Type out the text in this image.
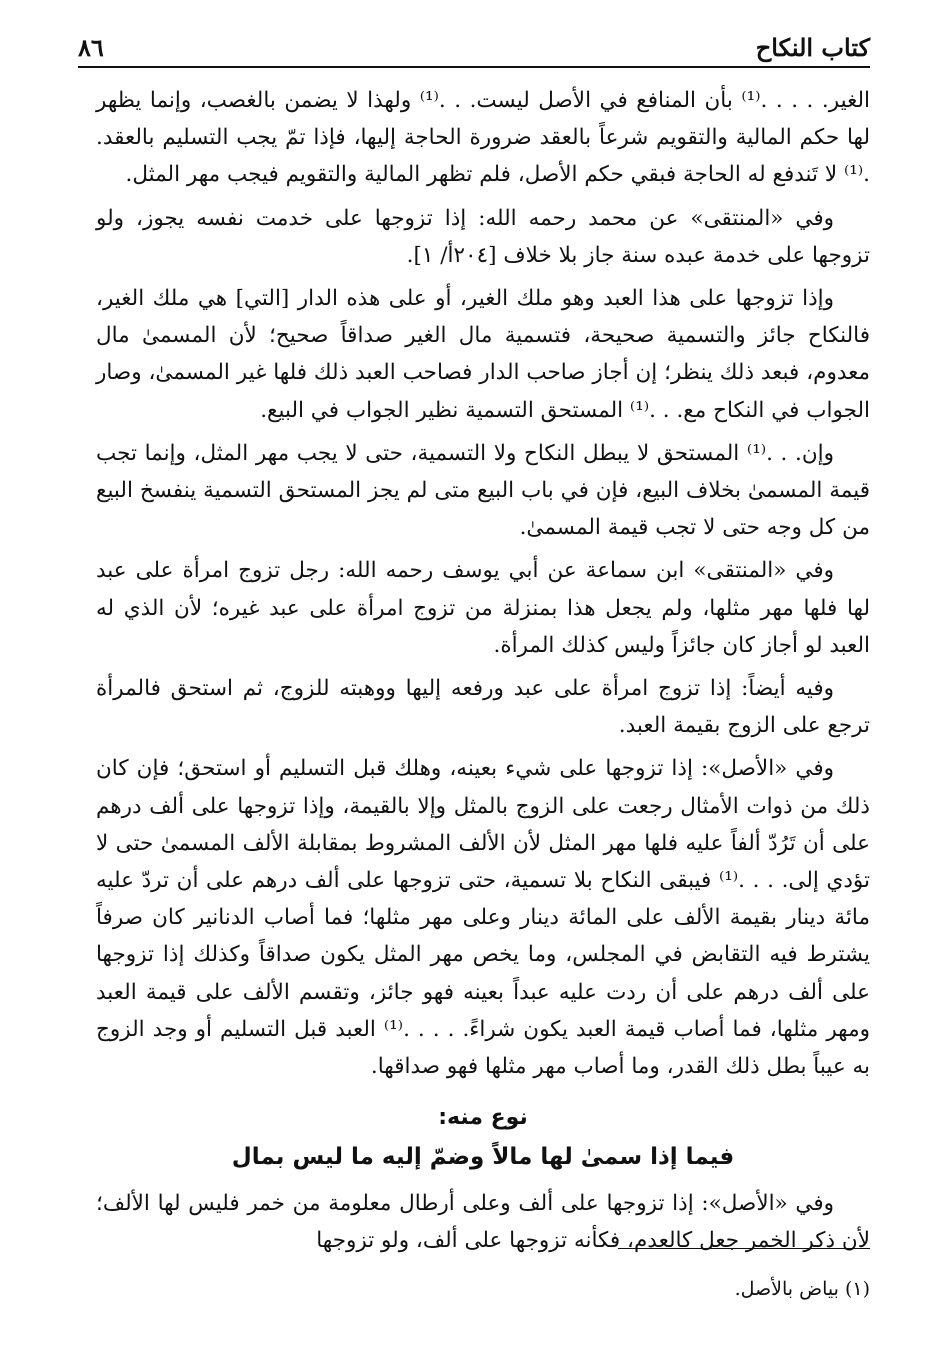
كتاب النكاح
٨٦

الغير. . . . .⁽¹⁾ بأن المنافع في الأصل ليست. . .⁽¹⁾ ولهذا لا يضمن بالغصب، وإنما يظهر لها حكم المالية والتقويم شرعاً بالعقد ضرورة الحاجة إليها، فإذا تمّ يجب التسليم بالعقد. .⁽¹⁾ لا تَندفع له الحاجة فبقي حكم الأصل، فلم تظهر المالية والتقويم فيجب مهر المثل.

وفي «المنتقى» عن محمد رحمه الله: إذا تزوجها على خدمت نفسه يجوز، ولو تزوجها على خدمة عبده سنة جاز بلا خلاف [٢٠٤أ/ ١].

وإذا تزوجها على هذا العبد وهو ملك الغير، أو على هذه الدار [التي] هي ملك الغير، فالنكاح جائز والتسمية صحيحة، فتسمية مال الغير صداقاً صحيح؛ لأن المسمىٰ مال معدوم، فبعد ذلك ينظر؛ إن أجاز صاحب الدار فصاحب العبد ذلك فلها غير المسمىٰ، وصار الجواب في النكاح مع. . .⁽¹⁾ المستحق التسمية نظير الجواب في البيع.

وإن. . .⁽¹⁾ المستحق لا يبطل النكاح ولا التسمية، حتى لا يجب مهر المثل، وإنما تجب قيمة المسمىٰ بخلاف البيع، فإن في باب البيع متى لم يجز المستحق التسمية ينفسخ البيع من كل وجه حتى لا تجب قيمة المسمىٰ.

وفي «المنتقى» ابن سماعة عن أبي يوسف رحمه الله: رجل تزوج امرأة على عبد لها فلها مهر مثلها، ولم يجعل هذا بمنزلة من تزوج امرأة على عبد غيره؛ لأن الذي له العبد لو أجاز كان جائزاً وليس كذلك المرأة.

وفيه أيضاً: إذا تزوج امرأة على عبد ورفعه إليها ووهبته للزوج، ثم استحق فالمرأة ترجع على الزوج بقيمة العبد.

وفي «الأصل»: إذا تزوجها على شيء بعينه، وهلك قبل التسليم أو استحق؛ فإن كان ذلك من ذوات الأمثال رجعت على الزوج بالمثل وإلا بالقيمة، وإذا تزوجها على ألف درهم على أن تَرُدّ ألفاً عليه فلها مهر المثل لأن الألف المشروط بمقابلة الألف المسمىٰ حتى لا تؤدي إلى. . . .⁽¹⁾ فيبقى النكاح بلا تسمية، حتى تزوجها على ألف درهم على أن تردّ عليه مائة دينار بقيمة الألف على المائة دينار وعلى مهر مثلها؛ فما أصاب الدنانير كان صرفاً يشترط فيه التقابض في المجلس، وما يخص مهر المثل يكون صداقاً وكذلك إذا تزوجها على ألف درهم على أن ردت عليه عبداً بعينه فهو جائز، وتقسم الألف على قيمة العبد ومهر مثلها، فما أصاب قيمة العبد يكون شراءً. . . . .⁽¹⁾ العبد قبل التسليم أو وجد الزوج به عيباً بطل ذلك القدر، وما أصاب مهر مثلها فهو صداقها.

نوع منه:
فيما إذا سمىٰ لها مالاً وضمّ إليه ما ليس بمال

وفي «الأصل»: إذا تزوجها على ألف وعلى أرطال معلومة من خمر فليس لها الألف؛ لأن ذكر الخمر جعل كالعدم، فكأنه تزوجها على ألف، ولو تزوجها

(١) بياض بالأصل.
